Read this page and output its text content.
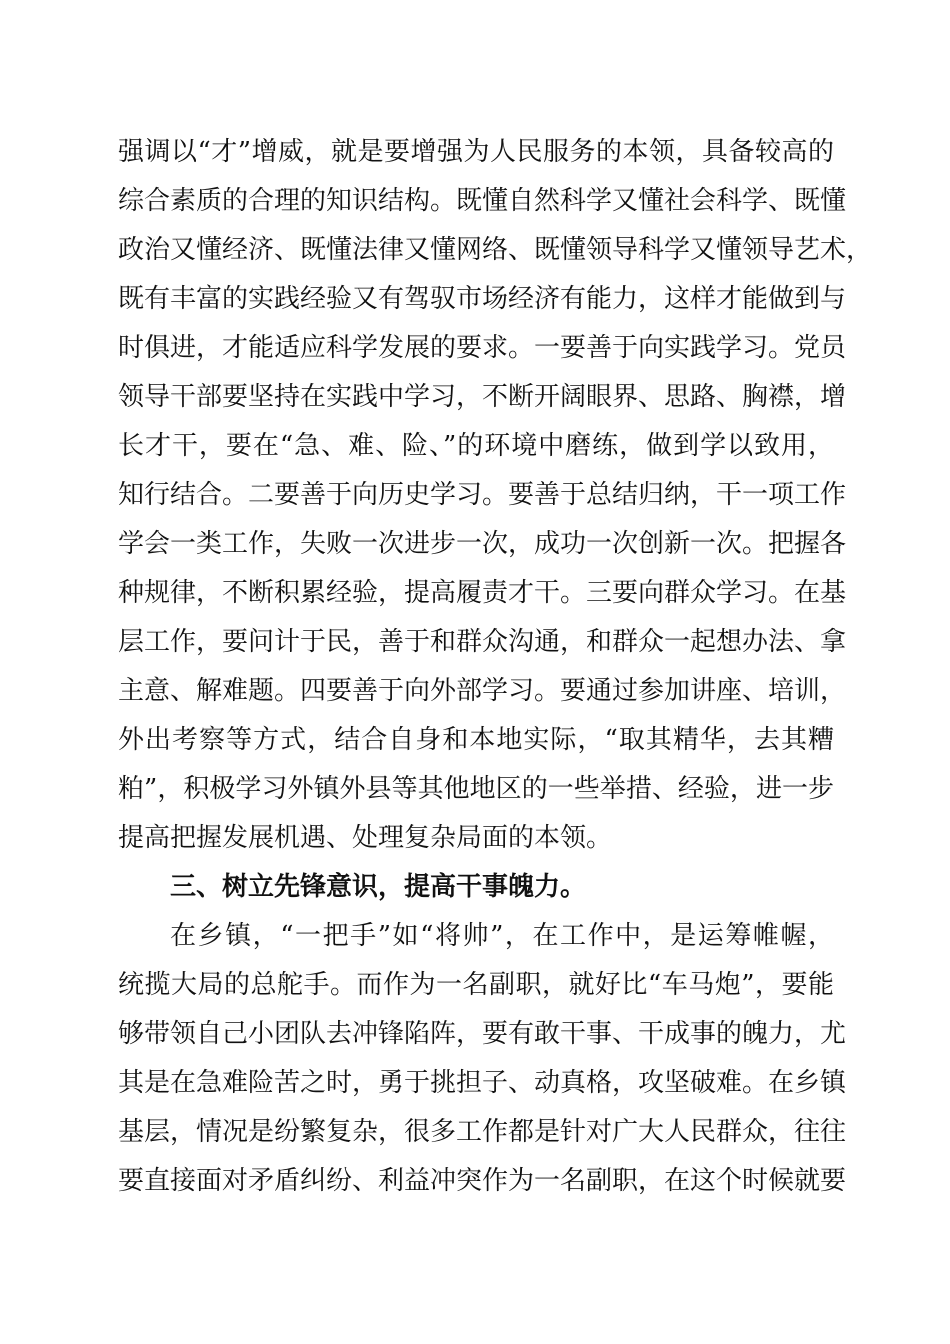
强调以“才”增威，就是要增强为人民服务的本领，具备较高的
综合素质的合理的知识结构。既懂自然科学又懂社会科学、既懂
政治又懂经济、既懂法律又懂网络、既懂领导科学又懂领导艺术，
既有丰富的实践经验又有驾驭市场经济有能力，这样才能做到与
时俱进，才能适应科学发展的要求。一要善于向实践学习。党员
领导干部要坚持在实践中学习，不断开阔眼界、思路、胸襟，增
长才干，要在“急、难、险、”的环境中磨练，做到学以致用，
知行结合。二要善于向历史学习。要善于总结归纳，干一项工作
学会一类工作，失败一次进步一次，成功一次创新一次。把握各
种规律，不断积累经验，提高履责才干。三要向群众学习。在基
层工作，要问计于民，善于和群众沟通，和群众一起想办法、拿
主意、解难题。四要善于向外部学习。要通过参加讲座、培训，
外出考察等方式，结合自身和本地实际，“取其精华，去其糟
粕”，积极学习外镇外县等其他地区的一些举措、经验，进一步
提高把握发展机遇、处理复杂局面的本领。
三、树立先锋意识，提高干事魄力。
在乡镇，“一把手”如“将帅”，在工作中，是运筹帷幄，
统揽大局的总舵手。而作为一名副职，就好比“车马炮”，要能
够带领自己小团队去冲锋陷阵，要有敢干事、干成事的魄力，尤
其是在急难险苦之时，勇于挑担子、动真格，攻坚破难。在乡镇
基层，情况是纷繁复杂，很多工作都是针对广大人民群众，往往
要直接面对矛盾纠纷、利益冲突作为一名副职，在这个时候就要
